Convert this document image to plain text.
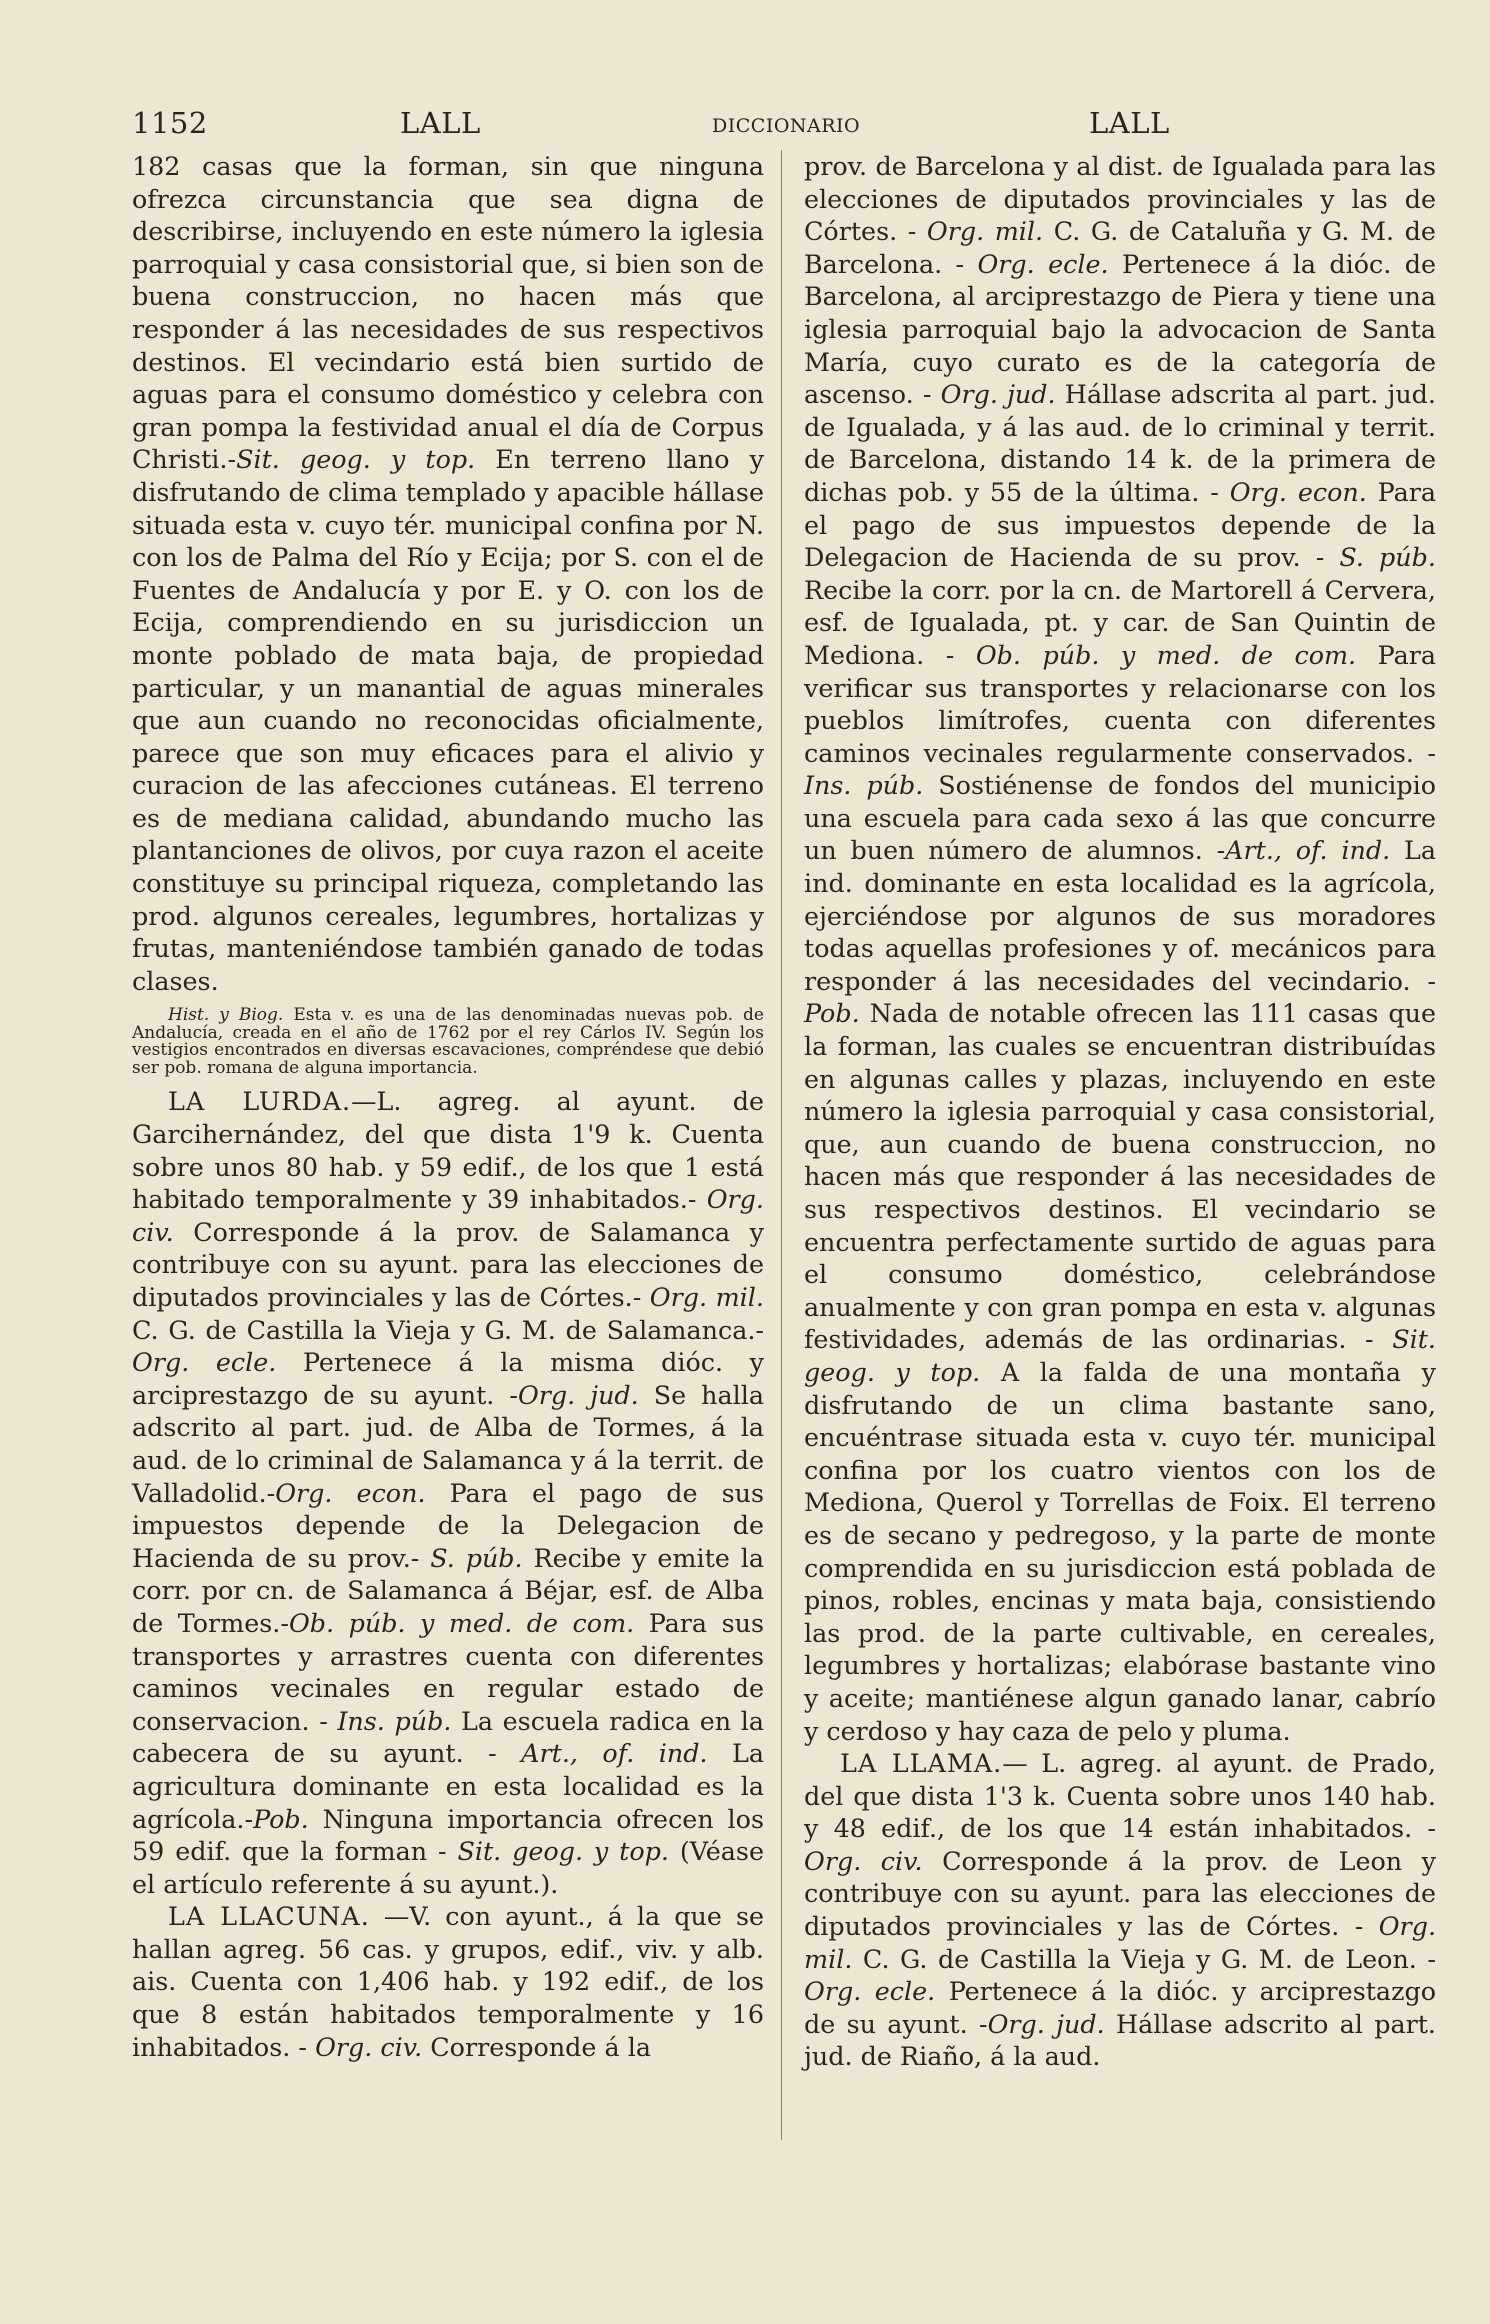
1152	LALL	DICCIONARIO	LALL

182 casas que la forman, sin que ninguna ofrezca circunstancia que sea digna de describirse, incluyendo en este número la iglesia parroquial y casa consistorial que, si bien son de buena construccion, no hacen más que responder á las necesidades de sus respectivos destinos. El vecindario está bien surtido de aguas para el consumo doméstico y celebra con gran pompa la festividad anual el día de Corpus Christi.-Sit. geog. y top. En terreno llano y disfrutando de clima templado y apacible hállase situada esta v. cuyo tér. municipal confina por N. con los de Palma del Río y Ecija; por S. con el de Fuentes de Andalucía y por E. y O. con los de Ecija, comprendiendo en su jurisdiccion un monte poblado de mata baja, de propiedad particular, y un manantial de aguas minerales que aun cuando no reconocidas oficialmente, parece que son muy eficaces para el alivio y curacion de las afecciones cutáneas. El terreno es de mediana calidad, abundando mucho las plantanciones de olivos, por cuya razon el aceite constituye su principal riqueza, completando las prod. algunos cereales, legumbres, hortalizas y frutas, manteniéndose también ganado de todas clases.

Hist. y Biog. Esta v. es una de las denominadas nuevas pob. de Andalucía, creada en el año de 1762 por el rey Cárlos IV. Según los vestigios encontrados en diversas escavaciones, compréndese que debió ser pob. romana de alguna importancia.

LA LURDA.—L. agreg. al ayunt. de Garcihernández, del que dista 1'9 k. Cuenta sobre unos 80 hab. y 59 edif., de los que 1 está habitado temporalmente y 39 inhabitados.- Org. civ. Corresponde á la prov. de Salamanca y contribuye con su ayunt. para las elecciones de diputados provinciales y las de Córtes.- Org. mil. C. G. de Castilla la Vieja y G. M. de Salamanca.- Org. ecle. Pertenece á la misma dióc. y arciprestazgo de su ayunt. -Org. jud. Se halla adscrito al part. jud. de Alba de Tormes, á la aud. de lo criminal de Salamanca y á la territ. de Valladolid.-Org. econ. Para el pago de sus impuestos depende de la Delegacion de Hacienda de su prov.- S. púb. Recibe y emite la corr. por cn. de Salamanca á Béjar, esf. de Alba de Tormes.-Ob. púb. y med. de com. Para sus transportes y arrastres cuenta con diferentes caminos vecinales en regular estado de conservacion. - Ins. púb. La escuela radica en la cabecera de su ayunt. - Art., of. ind. La agricultura dominante en esta localidad es la agrícola.-Pob. Ninguna importancia ofrecen los 59 edif. que la forman - Sit. geog. y top. (Véase el artículo referente á su ayunt.).

LA LLACUNA. —V. con ayunt., á la que se hallan agreg. 56 cas. y grupos, edif., viv. y alb. ais. Cuenta con 1,406 hab. y 192 edif., de los que 8 están habitados temporalmente y 16 inhabitados. - Org. civ. Corresponde á la

prov. de Barcelona y al dist. de Igualada para las elecciones de diputados provinciales y las de Córtes. - Org. mil. C. G. de Cataluña y G. M. de Barcelona. - Org. ecle. Pertenece á la dióc. de Barcelona, al arciprestazgo de Piera y tiene una iglesia parroquial bajo la advocacion de Santa María, cuyo curato es de la categoría de ascenso. - Org. jud. Hállase adscrita al part. jud. de Igualada, y á las aud. de lo criminal y territ. de Barcelona, distando 14 k. de la primera de dichas pob. y 55 de la última. - Org. econ. Para el pago de sus impuestos depende de la Delegacion de Hacienda de su prov. - S. púb. Recibe la corr. por la cn. de Martorell á Cervera, esf. de Igualada, pt. y car. de San Quintin de Mediona. - Ob. púb. y med. de com. Para verificar sus transportes y relacionarse con los pueblos limítrofes, cuenta con diferentes caminos vecinales regularmente conservados. - Ins. púb. Sostiénense de fondos del municipio una escuela para cada sexo á las que concurre un buen número de alumnos. -Art., of. ind. La ind. dominante en esta localidad es la agrícola, ejerciéndose por algunos de sus moradores todas aquellas profesiones y of. mecánicos para responder á las necesidades del vecindario. - Pob. Nada de notable ofrecen las 111 casas que la forman, las cuales se encuentran distribuídas en algunas calles y plazas, incluyendo en este número la iglesia parroquial y casa consistorial, que, aun cuando de buena construccion, no hacen más que responder á las necesidades de sus respectivos destinos. El vecindario se encuentra perfectamente surtido de aguas para el consumo doméstico, celebrándose anualmente y con gran pompa en esta v. algunas festividades, además de las ordinarias. - Sit. geog. y top. A la falda de una montaña y disfrutando de un clima bastante sano, encuéntrase situada esta v. cuyo tér. municipal confina por los cuatro vientos con los de Mediona, Querol y Torrellas de Foix. El terreno es de secano y pedregoso, y la parte de monte comprendida en su jurisdiccion está poblada de pinos, robles, encinas y mata baja, consistiendo las prod. de la parte cultivable, en cereales, legumbres y hortalizas; elabórase bastante vino y aceite; mantiénese algun ganado lanar, cabrío y cerdoso y hay caza de pelo y pluma.

LA LLAMA.— L. agreg. al ayunt. de Prado, del que dista 1'3 k. Cuenta sobre unos 140 hab. y 48 edif., de los que 14 están inhabitados. - Org. civ. Corresponde á la prov. de Leon y contribuye con su ayunt. para las elecciones de diputados provinciales y las de Córtes. - Org. mil. C. G. de Castilla la Vieja y G. M. de Leon. - Org. ecle. Pertenece á la dióc. y arciprestazgo de su ayunt. -Org. jud. Hállase adscrito al part. jud. de Riaño, á la aud.
